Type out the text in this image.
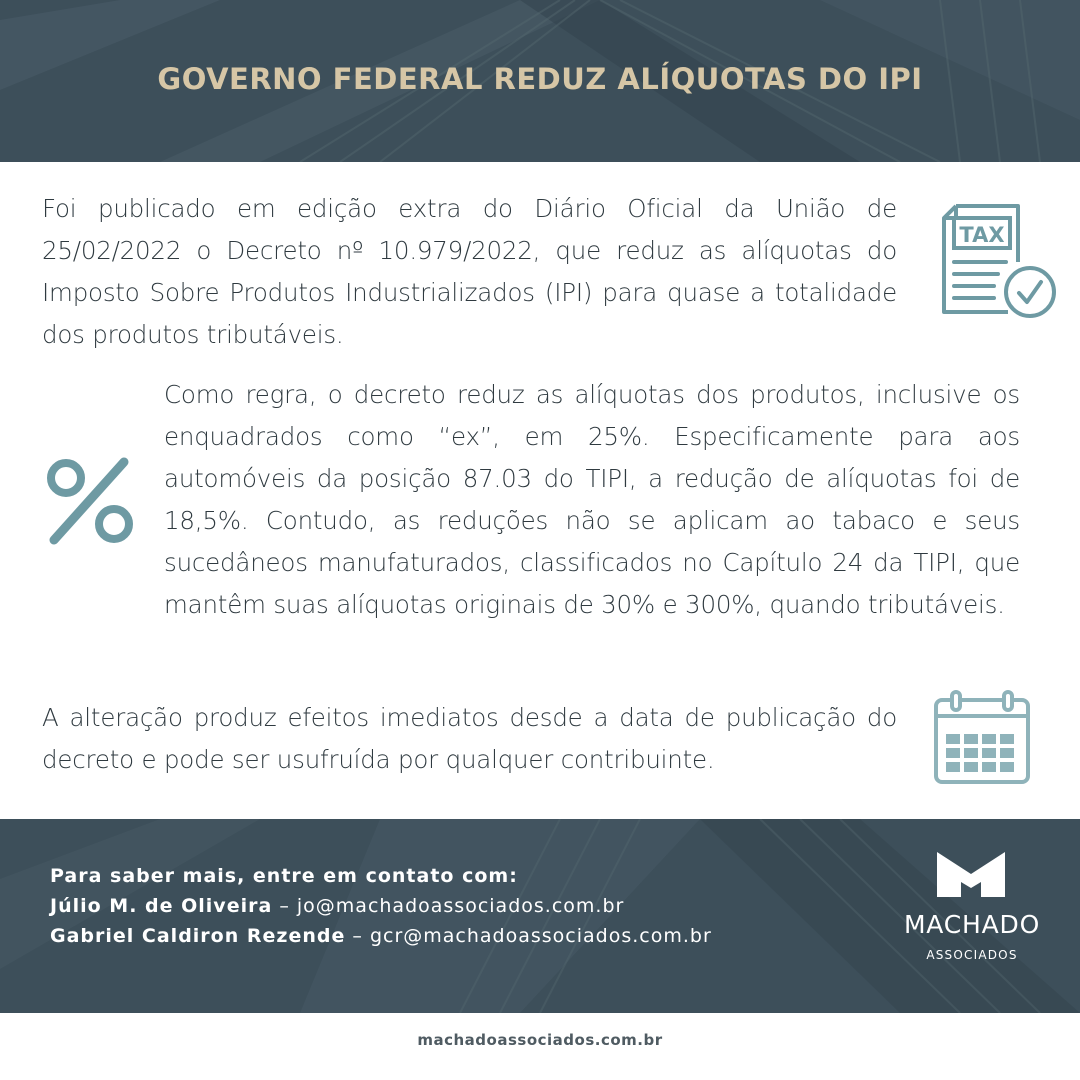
GOVERNO FEDERAL REDUZ ALÍQUOTAS DO IPI

Foi publicado em edição extra do Diário Oficial da União de 25/02/2022 o Decreto nº 10.979/2022, que reduz as alíquotas do Imposto Sobre Produtos Industrializados (IPI) para quase a totalidade dos produtos tributáveis.

TAX

Como regra, o decreto reduz as alíquotas dos produtos, inclusive os enquadrados como “ex”, em 25%. Especificamente para aos automóveis da posição 87.03 do TIPI, a redução de alíquotas foi de 18,5%. Contudo, as reduções não se aplicam ao tabaco e seus sucedâneos manufaturados, classificados no Capítulo 24 da TIPI, que mantêm suas alíquotas originais de 30% e 300%, quando tributáveis.

A alteração produz efeitos imediatos desde a data de publicação do decreto e pode ser usufruída por qualquer contribuinte.

Para saber mais, entre em contato com:
Júlio M. de Oliveira – jo@machadoassociados.com.br
Gabriel Caldiron Rezende – gcr@machadoassociados.com.br	MACHADO
ASSOCIADOS
machadoassociados.com.br
